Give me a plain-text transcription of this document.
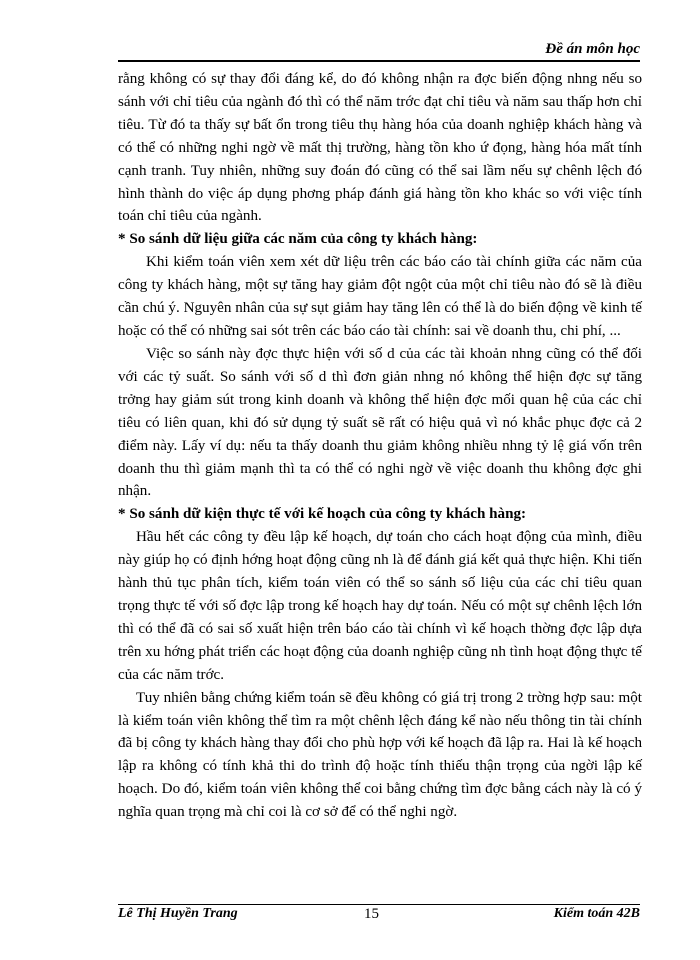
Đề án môn học

rằng không có sự thay đổi đáng kể, do đó không nhận ra đợc biến động nhng nếu so sánh với chỉ tiêu của ngành đó thì có thể năm trớc đạt chỉ tiêu và năm sau thấp hơn chỉ tiêu. Từ đó ta thấy sự bất ổn trong tiêu thụ hàng hóa của doanh nghiệp khách hàng và có thể có những nghi ngờ về mất thị trường, hàng tồn kho ứ đọng, hàng hóa mất tính cạnh tranh. Tuy nhiên, những suy đoán đó cũng có thể sai lầm nếu sự chênh lệch đó hình thành do việc áp dụng phơng pháp đánh giá hàng tồn kho khác so với việc tính toán chỉ tiêu của ngành.

* So sánh dữ liệu giữa các năm của công ty khách hàng:

Khi kiểm toán viên xem xét dữ liệu trên các báo cáo tài chính giữa các năm của công ty khách hàng, một sự tăng hay giảm đột ngột của một chỉ tiêu nào đó sẽ là điều cần chú ý. Nguyên nhân của sự sụt giảm hay tăng lên có thể là do biến động về kinh tế hoặc có thể có những sai sót trên các báo cáo tài chính: sai về doanh thu, chi phí, ...

Việc so sánh này đợc thực hiện với số d của các tài khoản nhng cũng có thể đối với các tỷ suất. So sánh với số d thì đơn giản nhng nó không thể hiện đợc sự tăng trởng hay giảm sút trong kinh doanh và không thể hiện đợc mối quan hệ của các chỉ tiêu có liên quan, khi đó sử dụng tỷ suất sẽ rất có hiệu quả vì nó khắc phục đợc cả 2 điểm này. Lấy ví dụ: nếu ta thấy doanh thu giảm không nhiều nhng tỷ lệ giá vốn trên doanh thu thì giảm mạnh thì ta có thể có nghi ngờ về việc doanh thu không đợc ghi nhận.

* So sánh dữ kiện thực tế với kế hoạch của công ty khách hàng:

Hầu hết các công ty đều lập kế hoạch, dự toán cho cách hoạt động của mình, điều này giúp họ có định hớng hoạt động cũng nh là để đánh giá kết quả thực hiện. Khi tiến hành thủ tục phân tích, kiểm toán viên có thể so sánh số liệu của các chỉ tiêu quan trọng thực tế với số đợc lập trong kế hoạch hay dự toán. Nếu có một sự chênh lệch lớn thì có thể đã có sai số xuất hiện trên báo cáo tài chính vì kế hoạch thờng đợc lập dựa trên xu hớng phát triển các hoạt động của doanh nghiệp cũng nh tình hoạt động thực tế của các năm trớc.

Tuy nhiên bằng chứng kiểm toán sẽ đều không có giá trị trong 2 trờng hợp sau: một là kiểm toán viên không thể tìm ra một chênh lệch đáng kể nào nếu thông tin tài chính đã bị công ty khách hàng thay đổi cho phù hợp với kế hoạch đã lập ra. Hai là kế hoạch lập ra không có tính khả thi do trình độ hoặc tính thiếu thận trọng của ngời lập kế hoạch. Do đó, kiểm toán viên không thể coi bằng chứng tìm đợc bằng cách này là có ý nghĩa quan trọng mà chỉ coi là cơ sở để có thể nghi ngờ.

Lê Thị Huyền Trang	15	Kiểm toán 42B
